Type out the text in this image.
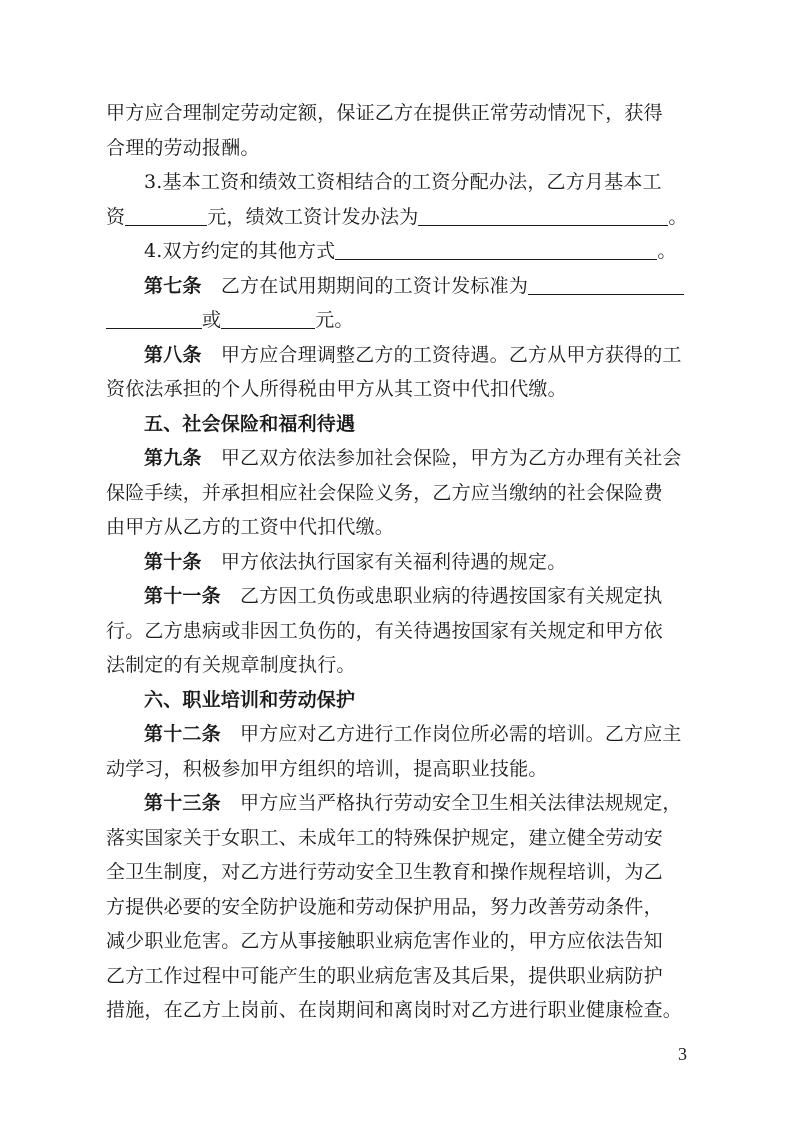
甲方应合理制定劳动定额，保证乙方在提供正常劳动情况下，获得

合理的劳动报酬。

3.基本工资和绩效工资相结合的工资分配办法，乙方月基本工

资	元，绩效工资计发办法为	。

4.双方约定的其他方式	。

第七条  乙方在试用期期间的工资计发标准为

或	元。

第八条  甲方应合理调整乙方的工资待遇。乙方从甲方获得的工

资依法承担的个人所得税由甲方从其工资中代扣代缴。

五、社会保险和福利待遇

第九条  甲乙双方依法参加社会保险，甲方为乙方办理有关社会

保险手续，并承担相应社会保险义务，乙方应当缴纳的社会保险费

由甲方从乙方的工资中代扣代缴。

第十条  甲方依法执行国家有关福利待遇的规定。

第十一条  乙方因工负伤或患职业病的待遇按国家有关规定执

行。乙方患病或非因工负伤的，有关待遇按国家有关规定和甲方依

法制定的有关规章制度执行。

六、职业培训和劳动保护

第十二条  甲方应对乙方进行工作岗位所必需的培训。乙方应主

动学习，积极参加甲方组织的培训，提高职业技能。

第十三条  甲方应当严格执行劳动安全卫生相关法律法规规定，

落实国家关于女职工、未成年工的特殊保护规定，建立健全劳动安

全卫生制度，对乙方进行劳动安全卫生教育和操作规程培训，为乙

方提供必要的安全防护设施和劳动保护用品，努力改善劳动条件，

减少职业危害。乙方从事接触职业病危害作业的，甲方应依法告知

乙方工作过程中可能产生的职业病危害及其后果，提供职业病防护

措施，在乙方上岗前、在岗期间和离岗时对乙方进行职业健康检查。

3
